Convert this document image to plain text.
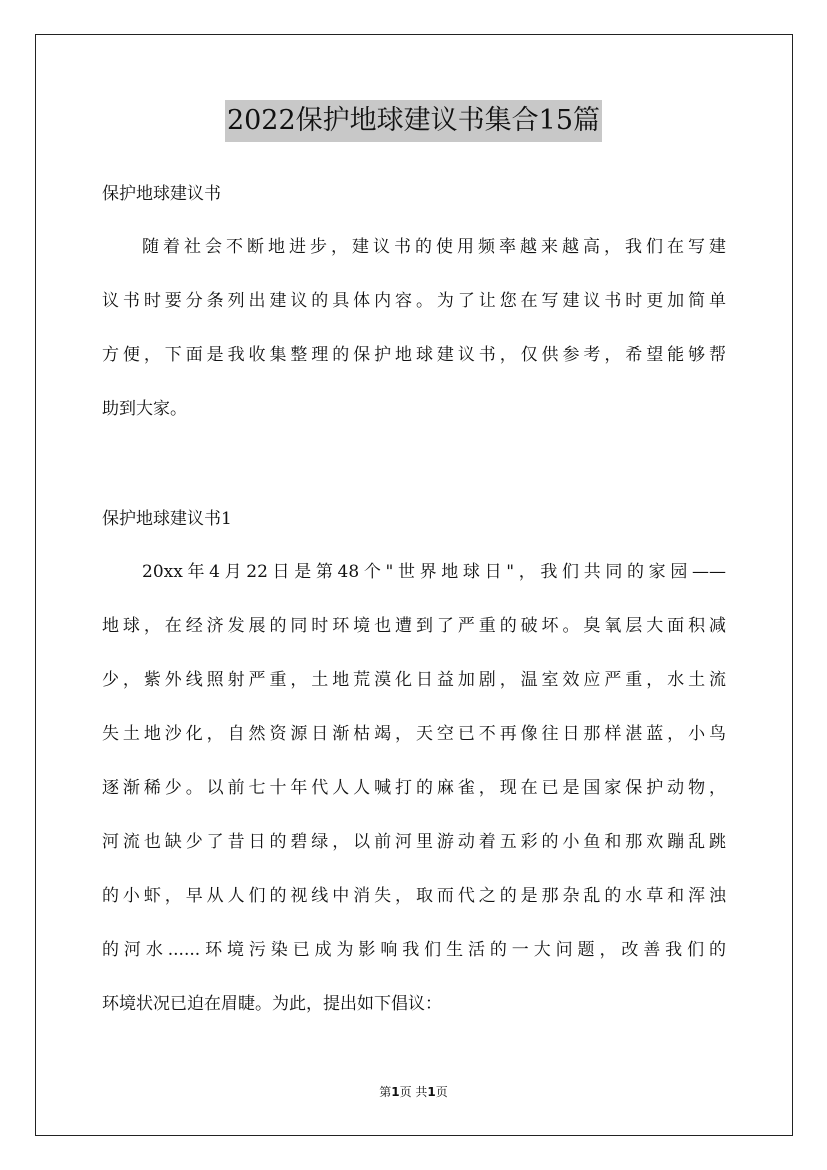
2022保护地球建议书集合15篇
保护地球建议书
随着社会不断地进步，建议书的使用频率越来越高，我们在写建
议书时要分条列出建议的具体内容。为了让您在写建议书时更加简单
方便，下面是我收集整理的保护地球建议书，仅供参考，希望能够帮
助到大家。
保护地球建议书1
20xx年4月22日是第48个"世界地球日"，我们共同的家园——
地球，在经济发展的同时环境也遭到了严重的破坏。臭氧层大面积减
少，紫外线照射严重，土地荒漠化日益加剧，温室效应严重，水土流
失土地沙化，自然资源日渐枯竭，天空已不再像往日那样湛蓝，小鸟
逐渐稀少。以前七十年代人人喊打的麻雀，现在已是国家保护动物，
河流也缺少了昔日的碧绿，以前河里游动着五彩的小鱼和那欢蹦乱跳
的小虾，早从人们的视线中消失，取而代之的是那杂乱的水草和浑浊
的河水......环境污染已成为影响我们生活的一大问题，改善我们的
环境状况已迫在眉睫。为此，提出如下倡议：
第1页 共1页
